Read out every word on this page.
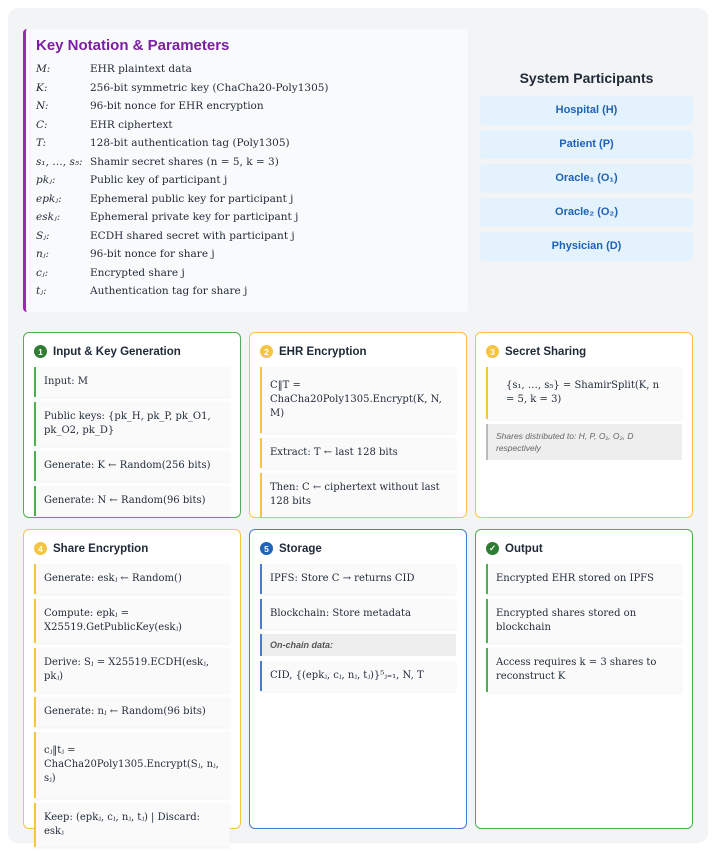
Key Notation & Parameters
M:	EHR plaintext data
K:	256-bit symmetric key (ChaCha20-Poly1305)
N:	96-bit nonce for EHR encryption
C:	EHR ciphertext
T:	128-bit authentication tag (Poly1305)
s₁, …, s₅: Shamir secret shares (n = 5, k = 3)
pkⱼ:	Public key of participant j
epkⱼ:	Ephemeral public key for participant j
eskⱼ:	Ephemeral private key for participant j
Sⱼ:	ECDH shared secret with participant j
nⱼ:	96-bit nonce for share j
cⱼ:	Encrypted share j
tⱼ:	Authentication tag for share j
System Participants
Hospital (H)
Patient (P)
Oracle₁ (O₁)
Oracle₂ (O₂)
Physician (D)
1 Input & Key Generation
Input: M
Public keys: {pk_H, pk_P, pk_O1, pk_O2, pk_D}
Generate: K ← Random(256 bits)
Generate: N ← Random(96 bits)
2 EHR Encryption
C‖T = ChaCha20Poly1305.Encrypt(K, N, M)
Extract: T ← last 128 bits
Then: C ← ciphertext without last 128 bits
3 Secret Sharing
{s₁, …, s₅} = ShamirSplit(K, n = 5, k = 3)
Shares distributed to: H, P, O₁, O₂, D respectively
4 Share Encryption
Generate: eskⱼ ← Random()
Compute: epkⱼ = X25519.GetPublicKey(eskⱼ)
Derive: Sⱼ = X25519.ECDH(eskⱼ, pkⱼ)
Generate: nⱼ ← Random(96 bits)
cⱼ‖tⱼ = ChaCha20Poly1305.Encrypt(Sⱼ, nⱼ, sⱼ)
Keep: (epkⱼ, cⱼ, nⱼ, tⱼ) | Discard: eskⱼ
5 Storage
IPFS: Store C → returns CID
Blockchain: Store metadata
On-chain data:
CID, {(epkⱼ, cⱼ, nⱼ, tⱼ)}⁵ⱼ₌₁, N, T
✓ Output
Encrypted EHR stored on IPFS
Encrypted shares stored on blockchain
Access requires k = 3 shares to reconstruct K
